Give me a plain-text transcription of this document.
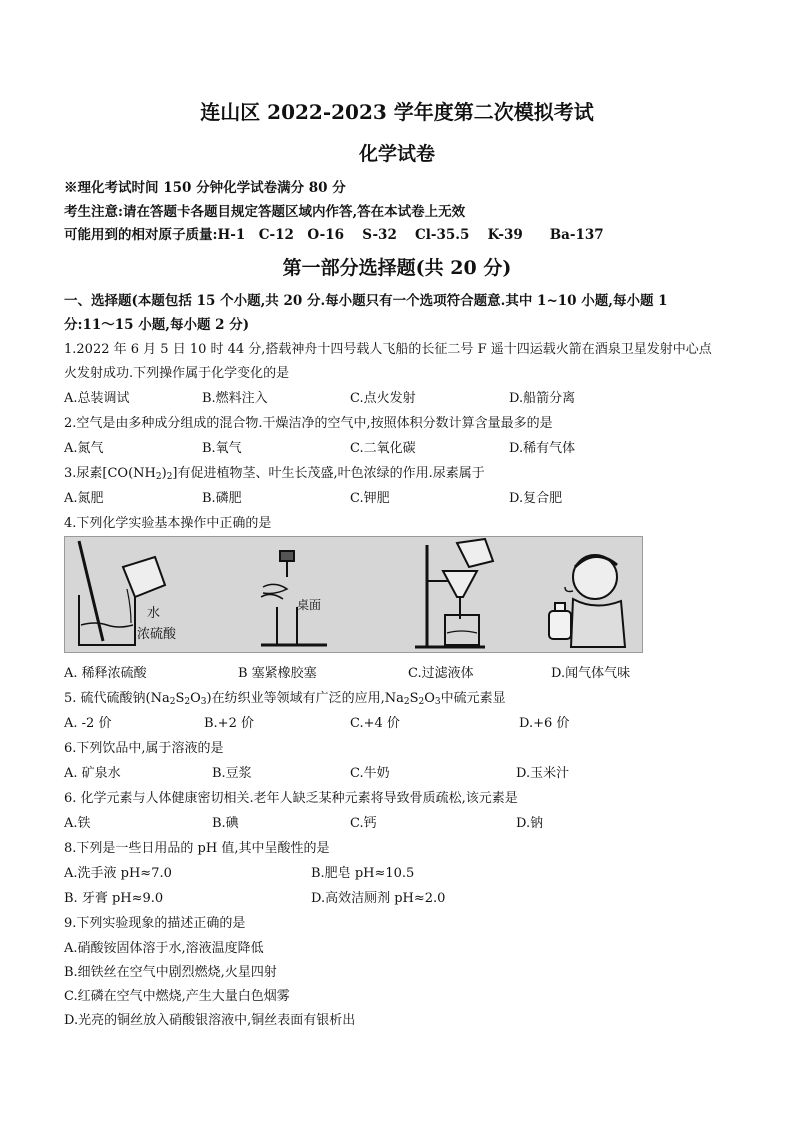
连山区 2022-2023 学年度第二次模拟考试
化学试卷
※理化考试时间 150 分钟化学试卷满分 80 分
考生注意:请在答题卡各题目规定答题区域内作答,答在本试卷上无效
可能用到的相对原子质量:H-1　C-12　O-16　 S-32　 Cl-35.5　 K-39　　Ba-137
第一部分选择题(共 20 分)
一、选择题(本题包括 15 个小题,共 20 分.每小题只有一个选项符合题意.其中 1~10 小题,每小题 1
分:11～15 小题,每小题 2 分)
1.2022 年 6 月 5 日 10 时 44 分,搭载神舟十四号载人飞船的长征二号 F 遥十四运载火箭在酒泉卫星发射中心点
火发射成功.下列操作属于化学变化的是
A.总装调试	B.燃料注入	C.点火发射	D.船箭分离
2.空气是由多种成分组成的混合物.干燥洁净的空气中,按照体积分数计算含量最多的是
A.氮气	B.氧气	C.二氧化碳	D.稀有气体
3.尿素$[CO(NH_2)_2]$有促进植物茎、叶生长茂盛,叶色浓绿的作用.尿素属于
A.氮肥	B.磷肥	C.钾肥	D.复合肥
4.下列化学实验基本操作中正确的是
水
浓硫酸
桌面
A. 稀释浓硫酸	B 塞紧橡胶塞	C.过滤液体	D.闻气体气味
5. 硫代硫酸钠$(Na_2S_2O_3)$在纺织业等领域有广泛的应用$,Na_2S_2O_3$中硫元素显
A. -2 价	B.+2 价	C.+4 价	D.+6 价
6.下列饮品中,属于溶液的是
A. 矿泉水	B.豆浆	C.牛奶	D.玉米汁
6. 化学元素与人体健康密切相关.老年人缺乏某种元素将导致骨质疏松,该元素是
A.铁	B.碘	C.钙	D.钠
8.下列是一些日用品的 pH 值,其中呈酸性的是
A.洗手液 pH≈7.0	B.肥皂 pH≈10.5
B. 牙膏 pH≈9.0	D.高效洁厕剂 pH≈2.0
9.下列实验现象的描述正确的是
A.硝酸铵固体溶于水,溶液温度降低
B.细铁丝在空气中剧烈燃烧,火星四射
C.红磷在空气中燃烧,产生大量白色烟雾
D.光亮的铜丝放入硝酸银溶液中,铜丝表面有银析出
